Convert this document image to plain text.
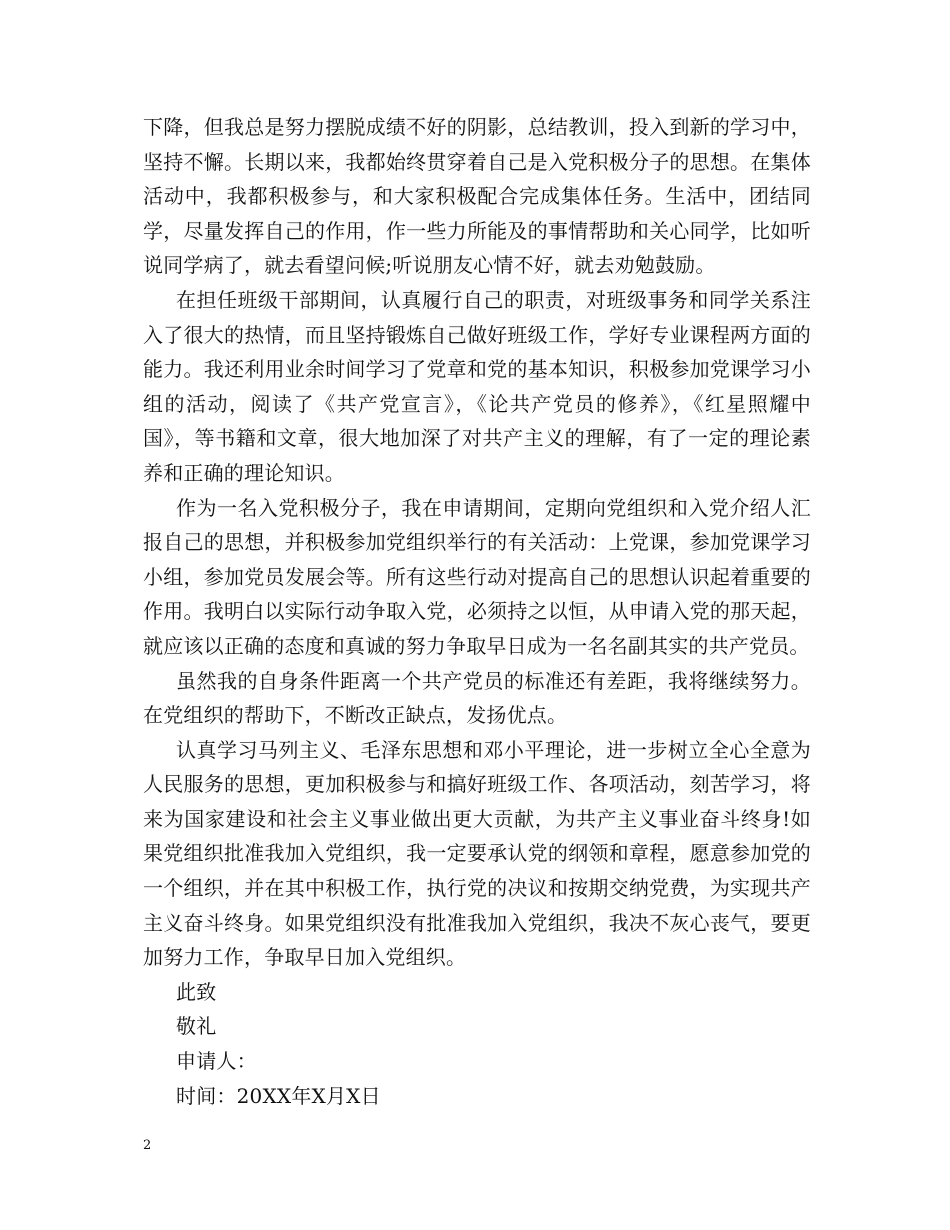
下降，但我总是努力摆脱成绩不好的阴影，总结教训，投入到新的学习中，坚持不懈。长期以来，我都始终贯穿着自己是入党积极分子的思想。在集体活动中，我都积极参与，和大家积极配合完成集体任务。生活中，团结同学，尽量发挥自己的作用，作一些力所能及的事情帮助和关心同学，比如听说同学病了，就去看望问候;听说朋友心情不好，就去劝勉鼓励。

在担任班级干部期间，认真履行自己的职责，对班级事务和同学关系注入了很大的热情，而且坚持锻炼自己做好班级工作，学好专业课程两方面的能力。我还利用业余时间学习了党章和党的基本知识，积极参加党课学习小组的活动，阅读了《共产党宣言》，《论共产党员的修养》，《红星照耀中国》，等书籍和文章，很大地加深了对共产主义的理解，有了一定的理论素养和正确的理论知识。

作为一名入党积极分子，我在申请期间，定期向党组织和入党介绍人汇报自己的思想，并积极参加党组织举行的有关活动：上党课，参加党课学习小组，参加党员发展会等。所有这些行动对提高自己的思想认识起着重要的作用。我明白以实际行动争取入党，必须持之以恒，从申请入党的那天起，就应该以正确的态度和真诚的努力争取早日成为一名名副其实的共产党员。

虽然我的自身条件距离一个共产党员的标准还有差距，我将继续努力。在党组织的帮助下，不断改正缺点，发扬优点。

认真学习马列主义、毛泽东思想和邓小平理论，进一步树立全心全意为人民服务的思想，更加积极参与和搞好班级工作、各项活动，刻苦学习，将来为国家建设和社会主义事业做出更大贡献，为共产主义事业奋斗终身!如果党组织批准我加入党组织，我一定要承认党的纲领和章程，愿意参加党的一个组织，并在其中积极工作，执行党的决议和按期交纳党费，为实现共产主义奋斗终身。如果党组织没有批准我加入党组织，我决不灰心丧气，要更加努力工作，争取早日加入党组织。

此致

敬礼

申请人：

时间：20XX年X月X日

2
